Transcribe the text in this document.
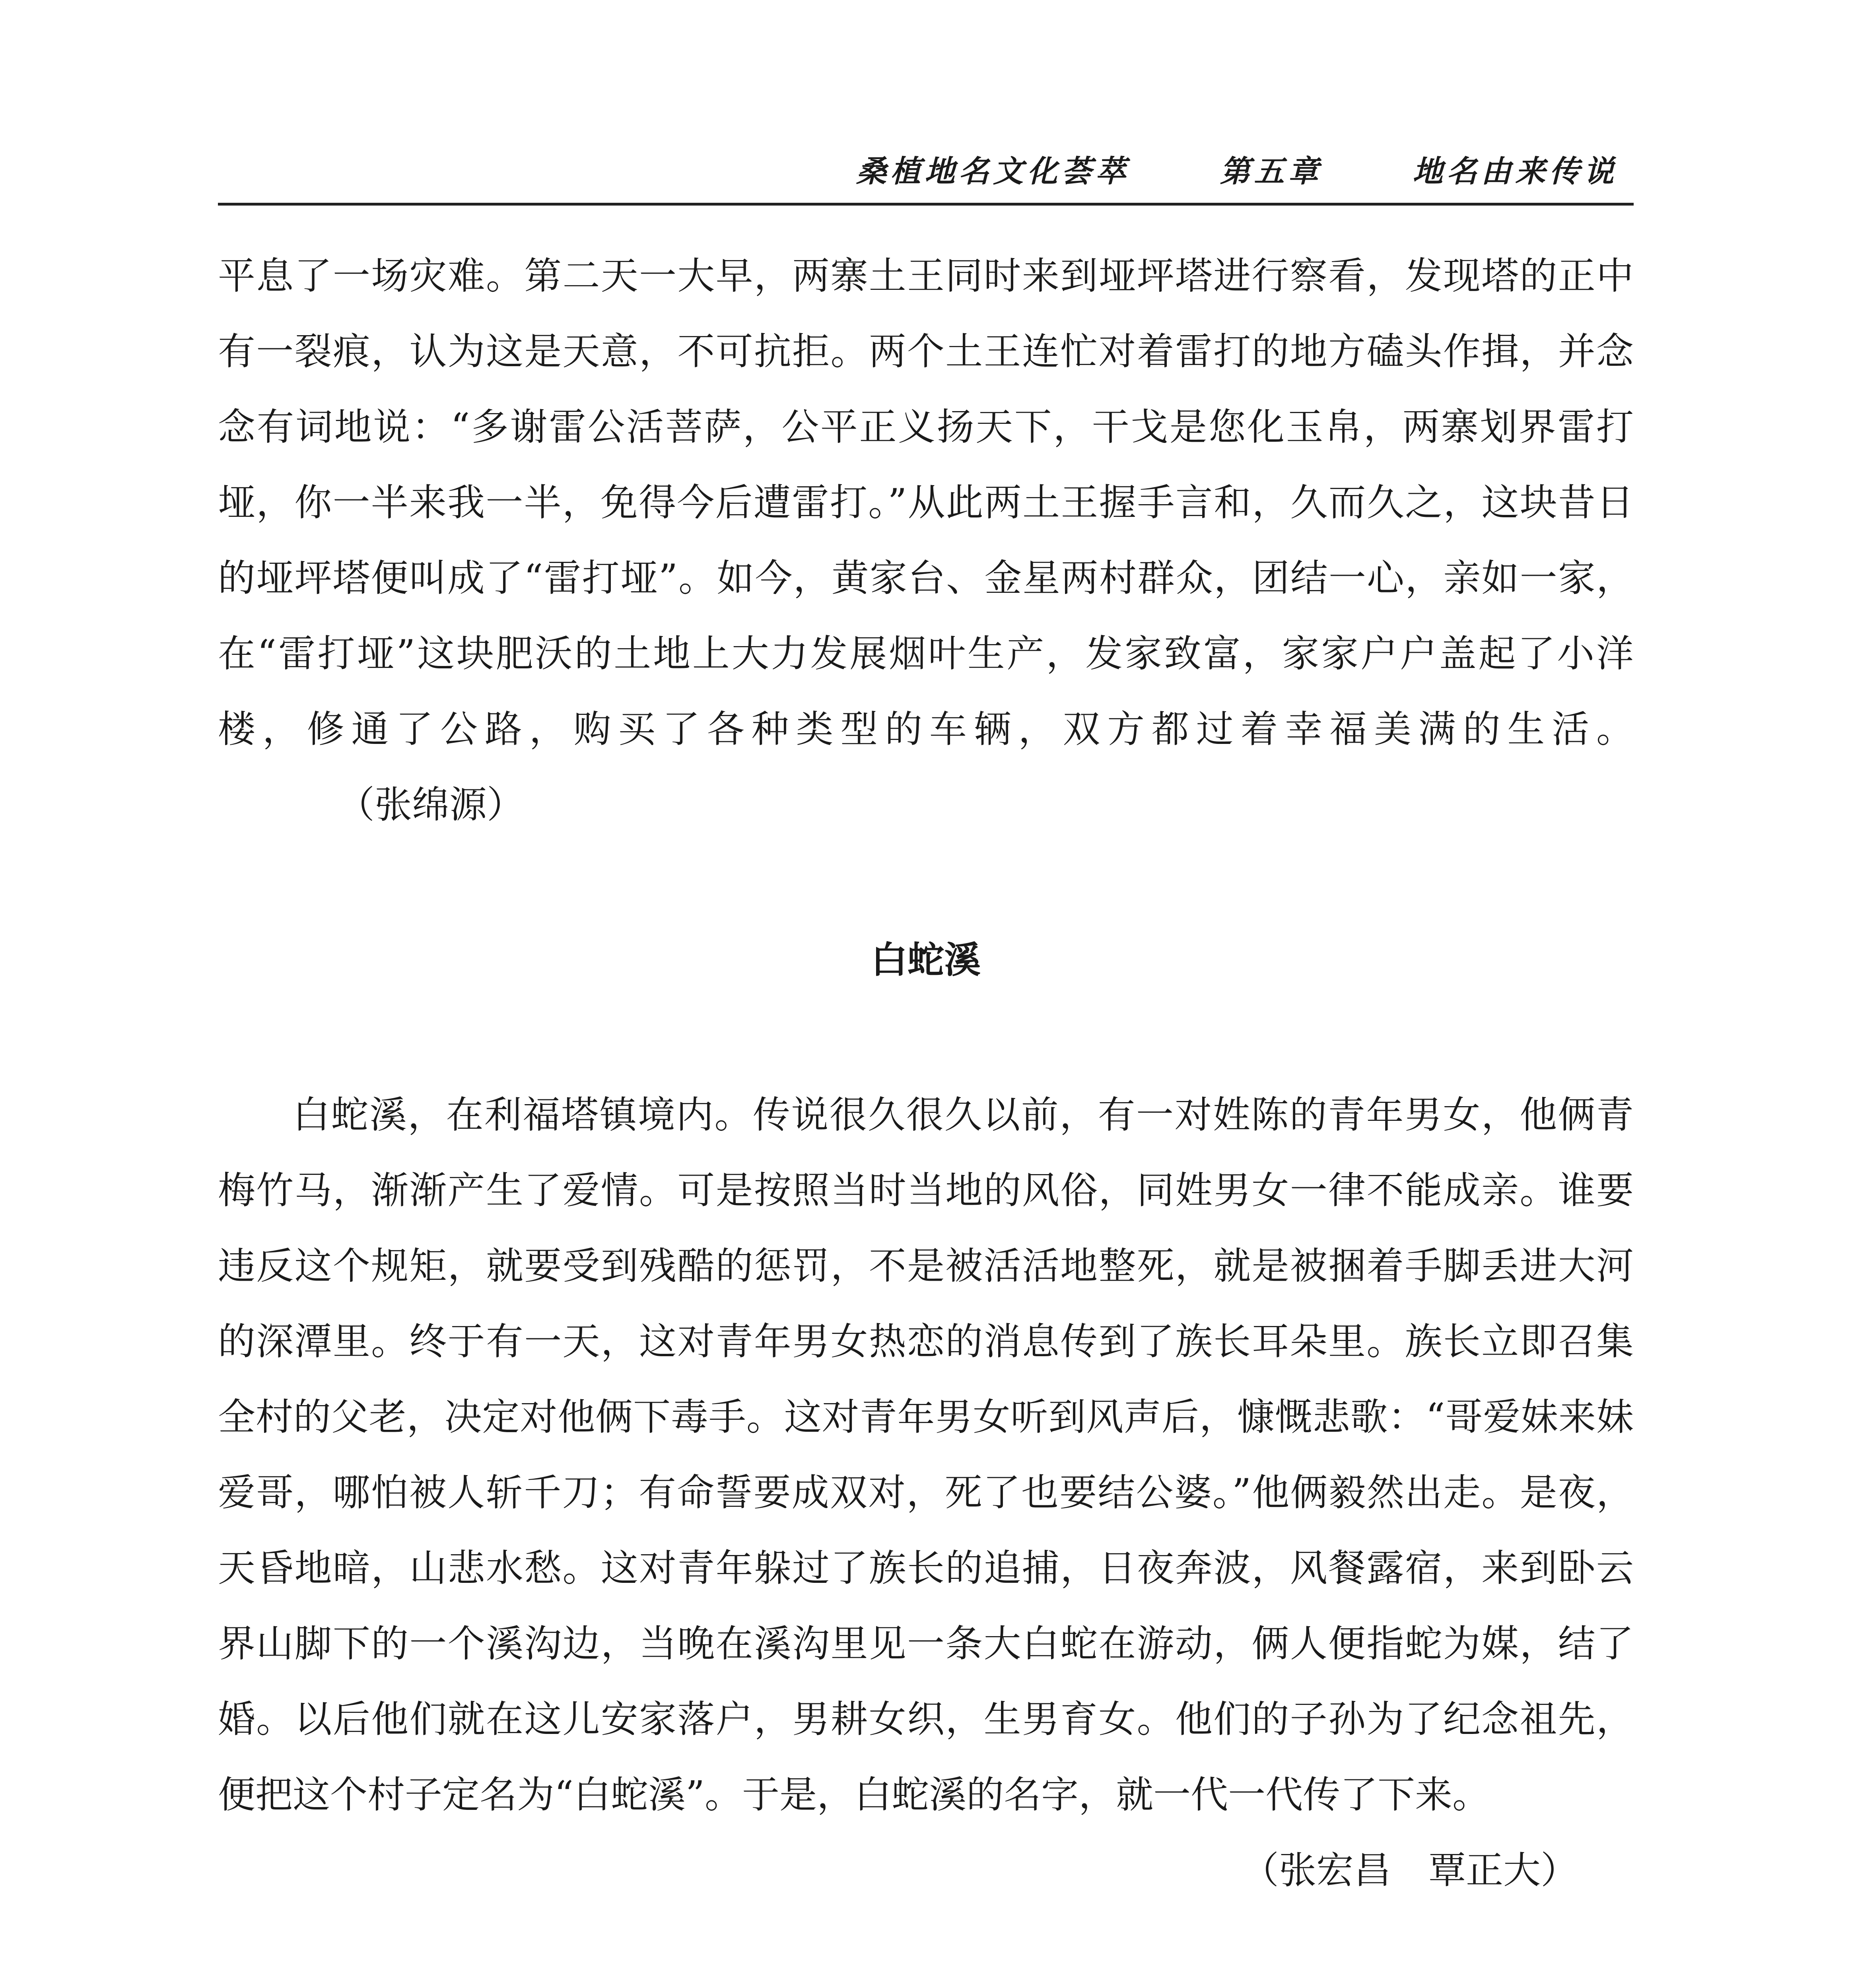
桑植地名文化荟萃	第五章	地名由来传说

平息了一场灾难。第二天一大早，两寨土王同时来到垭坪塔进行察看，发现塔的正中有一裂痕，认为这是天意，不可抗拒。两个土王连忙对着雷打的地方磕头作揖，并念念有词地说：“多谢雷公活菩萨，公平正义扬天下，干戈是您化玉帛，两寨划界雷打垭，你一半来我一半，免得今后遭雷打。”从此两土王握手言和，久而久之，这块昔日的垭坪塔便叫成了“雷打垭”。如今，黄家台、金星两村群众，团结一心，亲如一家，在“雷打垭”这块肥沃的土地上大力发展烟叶生产，发家致富，家家户户盖起了小洋楼，修通了公路，购买了各种类型的车辆，双方都过着幸福美满的生活。（张绵源）

白蛇溪

白蛇溪，在利福塔镇境内。传说很久很久以前，有一对姓陈的青年男女，他俩青梅竹马，渐渐产生了爱情。可是按照当时当地的风俗，同姓男女一律不能成亲。谁要违反这个规矩，就要受到残酷的惩罚，不是被活活地整死，就是被捆着手脚丢进大河的深潭里。终于有一天，这对青年男女热恋的消息传到了族长耳朵里。族长立即召集全村的父老，决定对他俩下毒手。这对青年男女听到风声后，慷慨悲歌：“哥爱妹来妹爱哥，哪怕被人斩千刀；有命誓要成双对，死了也要结公婆。”他俩毅然出走。是夜，天昏地暗，山悲水愁。这对青年躲过了族长的追捕，日夜奔波，风餐露宿，来到卧云界山脚下的一个溪沟边，当晚在溪沟里见一条大白蛇在游动，俩人便指蛇为媒，结了婚。以后他们就在这儿安家落户，男耕女织，生男育女。他们的子孙为了纪念祖先，便把这个村子定名为“白蛇溪”。于是，白蛇溪的名字，就一代一代传了下来。

（张宏昌　覃正大）
